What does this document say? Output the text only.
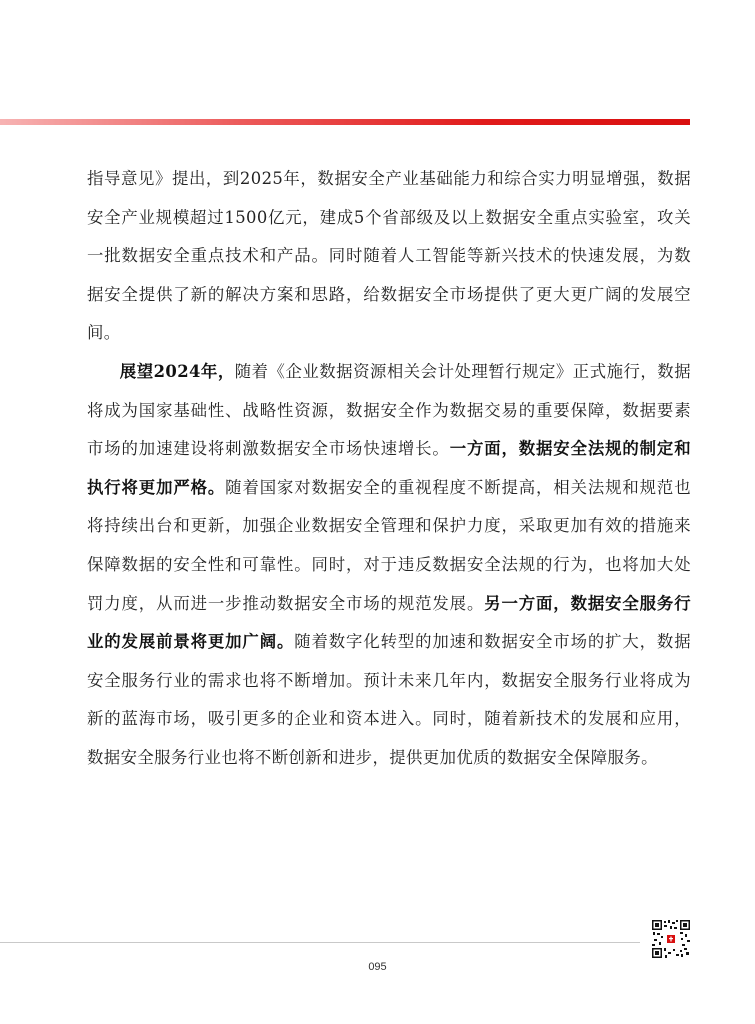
指导意见》提出，到2025年，数据安全产业基础能力和综合实力明显增强，数据安全产业规模超过1500亿元，建成5个省部级及以上数据安全重点实验室，攻关一批数据安全重点技术和产品。同时随着人工智能等新兴技术的快速发展，为数据安全提供了新的解决方案和思路，给数据安全市场提供了更大更广阔的发展空间。

展望2024年，随着《企业数据资源相关会计处理暂行规定》正式施行，数据将成为国家基础性、战略性资源，数据安全作为数据交易的重要保障，数据要素市场的加速建设将刺激数据安全市场快速增长。一方面，数据安全法规的制定和执行将更加严格。随着国家对数据安全的重视程度不断提高，相关法规和规范也将持续出台和更新，加强企业数据安全管理和保护力度，采取更加有效的措施来保障数据的安全性和可靠性。同时，对于违反数据安全法规的行为，也将加大处罚力度，从而进一步推动数据安全市场的规范发展。另一方面，数据安全服务行业的发展前景将更加广阔。随着数字化转型的加速和数据安全市场的扩大，数据安全服务行业的需求也将不断增加。预计未来几年内，数据安全服务行业将成为新的蓝海市场，吸引更多的企业和资本进入。同时，随着新技术的发展和应用，数据安全服务行业也将不断创新和进步，提供更加优质的数据安全保障服务。

095
